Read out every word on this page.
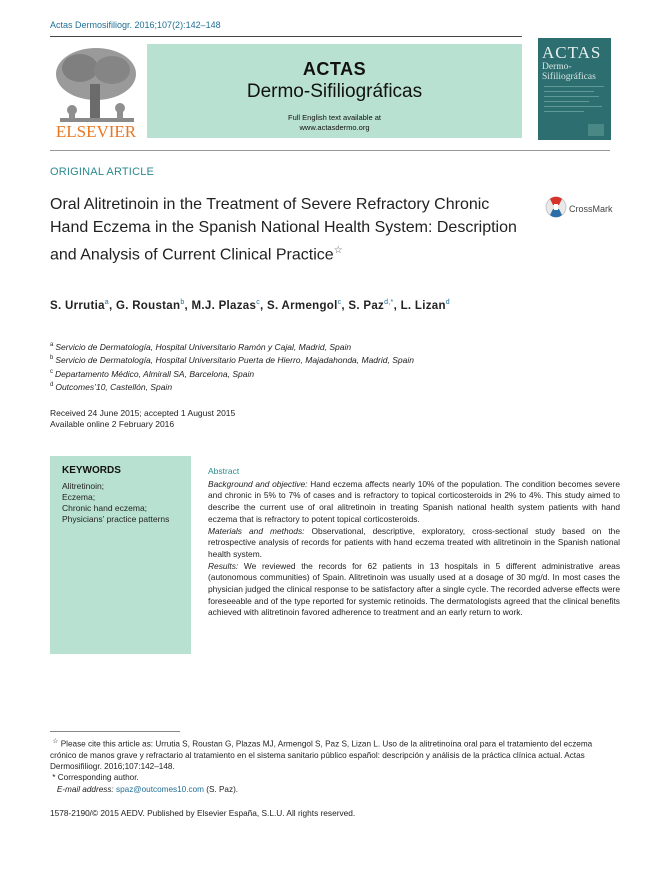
Actas Dermosifiliogr. 2016;107(2):142–148
ELSEVIER
ACTAS
Dermo-Sifiliográficas
Full English text available at
www.actasdermo.org
ACTAS
Dermo-Sifiliográficas
ORIGINAL ARTICLE
Oral Alitretinoin in the Treatment of Severe Refractory Chronic Hand Eczema in the Spanish National Health System: Description and Analysis of Current Clinical Practice☆
CrossMark
S. Urrutia$^a$, G. Roustan$^b$, M.J. Plazas$^c$, S. Armengol$^c$, S. Paz$^{d,*}$, L. Lizan$^d$
$^a$ Servicio de Dermatología, Hospital Universitario Ramón y Cajal, Madrid, Spain
$^b$ Servicio de Dermatología, Hospital Universitario Puerta de Hierro, Majadahonda, Madrid, Spain
$^c$ Departamento Médico, Almirall SA, Barcelona, Spain
$^d$ Outcomes’10, Castellón, Spain
Received 24 June 2015; accepted 1 August 2015
Available online 2 February 2016
KEYWORDS
Alitretinoin;
Eczema;
Chronic hand eczema;
Physicians’ practice patterns
Abstract
Background and objective: Hand eczema affects nearly 10% of the population. The condition becomes severe and chronic in 5% to 7% of cases and is refractory to topical corticosteroids in 2% to 4%. This study aimed to describe the current use of oral alitretinoin in treating Spanish national health system patients with hand eczema that is refractory to potent topical corticosteroids.
Materials and methods: Observational, descriptive, exploratory, cross-sectional study based on the retrospective analysis of records for patients with hand eczema treated with alitretinoin in the Spanish national health system.
Results: We reviewed the records for 62 patients in 13 hospitals in 5 different administrative areas (autonomous communities) of Spain. Alitretinoin was usually used at a dosage of 30 mg/d. In most cases the physician judged the clinical response to be satisfactory after a single cycle. The recorded adverse effects were foreseeable and of the type reported for systemic retinoids. The dermatologists agreed that the clinical benefits achieved with alitretinoin favored adherence to treatment and an early return to work.
☆ Please cite this article as: Urrutia S, Roustan G, Plazas MJ, Armengol S, Paz S, Lizan L. Uso de la alitretinoína oral para el tratamiento del eczema crónico de manos grave y refractario al tratamiento en el sistema sanitario público español: descripción y análisis de la práctica clínica actual. Actas Dermosifiliogr. 2016;107:142–148.
* Corresponding author.
E-mail address: spaz@outcomes10.com (S. Paz).
1578-2190/© 2015 AEDV. Published by Elsevier España, S.L.U. All rights reserved.
